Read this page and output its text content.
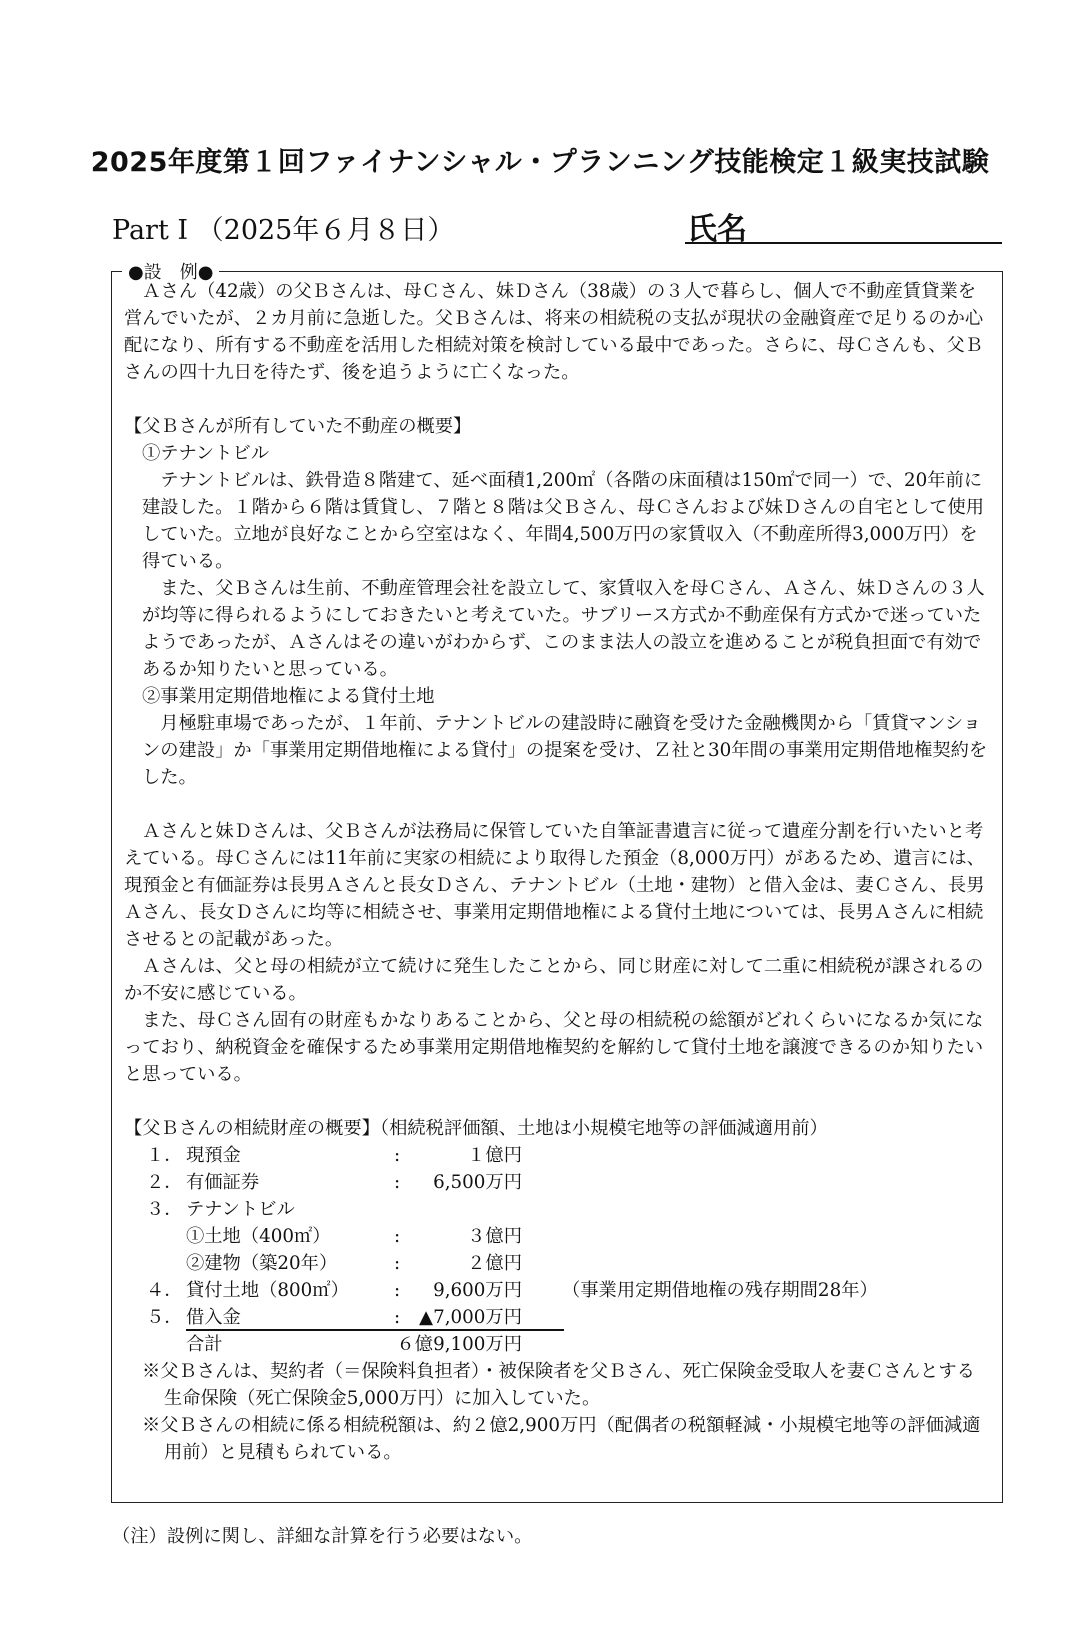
2025年度第１回ファイナンシャル・プランニング技能検定１級実技試験
Part Ⅰ （2025年６月８日）	氏名
●設　例●

Ａさん（42歳）の父Ｂさんは、母Ｃさん、妹Ｄさん（38歳）の３人で暮らし、個人で不動産賃貸業を営んでいたが、２カ月前に急逝した。父Ｂさんは、将来の相続税の支払が現状の金融資産で足りるのか心配になり、所有する不動産を活用した相続対策を検討している最中であった。さらに、母Ｃさんも、父Ｂさんの四十九日を待たず、後を追うように亡くなった。

【父Ｂさんが所有していた不動産の概要】

①テナントビル

テナントビルは、鉄骨造８階建て、延べ面積1,200㎡（各階の床面積は150㎡で同一）で、20年前に建設した。１階から６階は賃貸し、７階と８階は父Ｂさん、母Ｃさんおよび妹Ｄさんの自宅として使用していた。立地が良好なことから空室はなく、年間4,500万円の家賃収入（不動産所得3,000万円）を得ている。

また、父Ｂさんは生前、不動産管理会社を設立して、家賃収入を母Ｃさん、Ａさん、妹Ｄさんの３人が均等に得られるようにしておきたいと考えていた。サブリース方式か不動産保有方式かで迷っていたようであったが、Ａさんはその違いがわからず、このまま法人の設立を進めることが税負担面で有効であるか知りたいと思っている。

②事業用定期借地権による貸付土地

月極駐車場であったが、１年前、テナントビルの建設時に融資を受けた金融機関から「賃貸マンションの建設」か「事業用定期借地権による貸付」の提案を受け、Ｚ社と30年間の事業用定期借地権契約をした。

Ａさんと妹Ｄさんは、父Ｂさんが法務局に保管していた自筆証書遺言に従って遺産分割を行いたいと考えている。母Ｃさんには11年前に実家の相続により取得した預金（8,000万円）があるため、遺言には、現預金と有価証券は長男Ａさんと長女Ｄさん、テナントビル（土地・建物）と借入金は、妻Ｃさん、長男Ａさん、長女Ｄさんに均等に相続させ、事業用定期借地権による貸付土地については、長男Ａさんに相続させるとの記載があった。

Ａさんは、父と母の相続が立て続けに発生したことから、同じ財産に対して二重に相続税が課されるのか不安に感じている。

また、母Ｃさん固有の財産もかなりあることから、父と母の相続税の総額がどれくらいになるか気になっており、納税資金を確保するため事業用定期借地権契約を解約して貸付土地を譲渡できるのか知りたいと思っている。

【父Ｂさんの相続財産の概要】（相続税評価額、土地は小規模宅地等の評価減適用前）

１． 現預金	:	１億円
２． 有価証券	: 6,500万円
３． テナントビル
①土地（400㎡）	:	３億円
②建物（築20年）	:	２億円
４． 貸付土地（800㎡） : 9,600万円 （事業用定期借地権の残存期間28年）
５． 借入金	: ▲7,000万円
合計	６億9,100万円

※父Ｂさんは、契約者（＝保険料負担者）・被保険者を父Ｂさん、死亡保険金受取人を妻Ｃさんとする生命保険（死亡保険金5,000万円）に加入していた。

※父Ｂさんの相続に係る相続税額は、約２億2,900万円（配偶者の税額軽減・小規模宅地等の評価減適用前）と見積もられている。

（注）設例に関し、詳細な計算を行う必要はない。
